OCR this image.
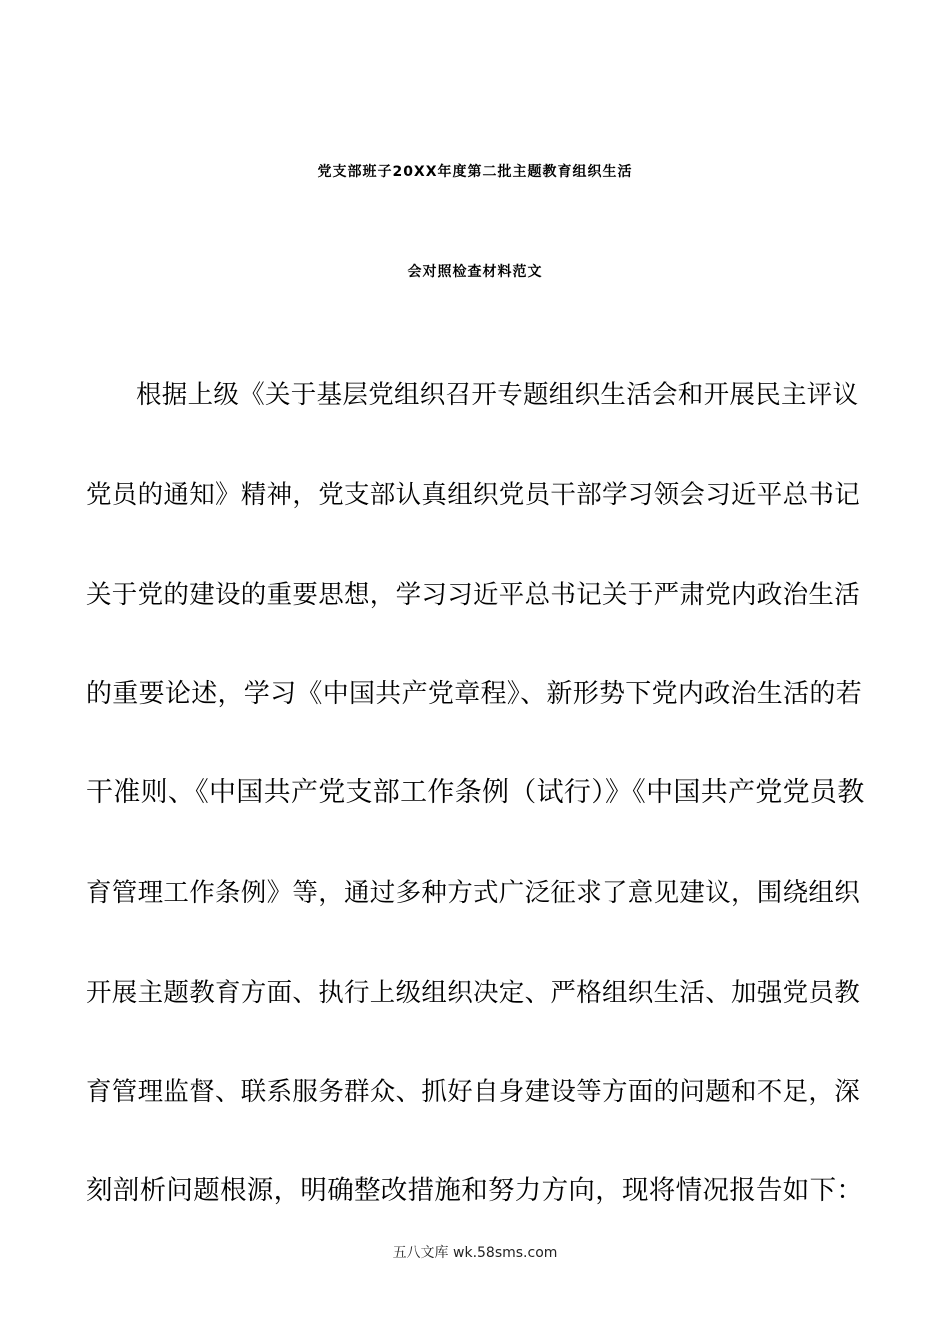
党支部班子20XX年度第二批主题教育组织生活
会对照检查材料范文
根据上级《关于基层党组织召开专题组织生活会和开展民主评议
党员的通知》精神，党支部认真组织党员干部学习领会习近平总书记
关于党的建设的重要思想，学习习近平总书记关于严肃党内政治生活
的重要论述，学习《中国共产党章程》、新形势下党内政治生活的若
干准则、《中国共产党支部工作条例（试行）》《中国共产党党员教
育管理工作条例》等，通过多种方式广泛征求了意见建议，围绕组织
开展主题教育方面、执行上级组织决定、严格组织生活、加强党员教
育管理监督、联系服务群众、抓好自身建设等方面的问题和不足，深
刻剖析问题根源，明确整改措施和努力方向，现将情况报告如下：
五八文库 wk.58sms.com
